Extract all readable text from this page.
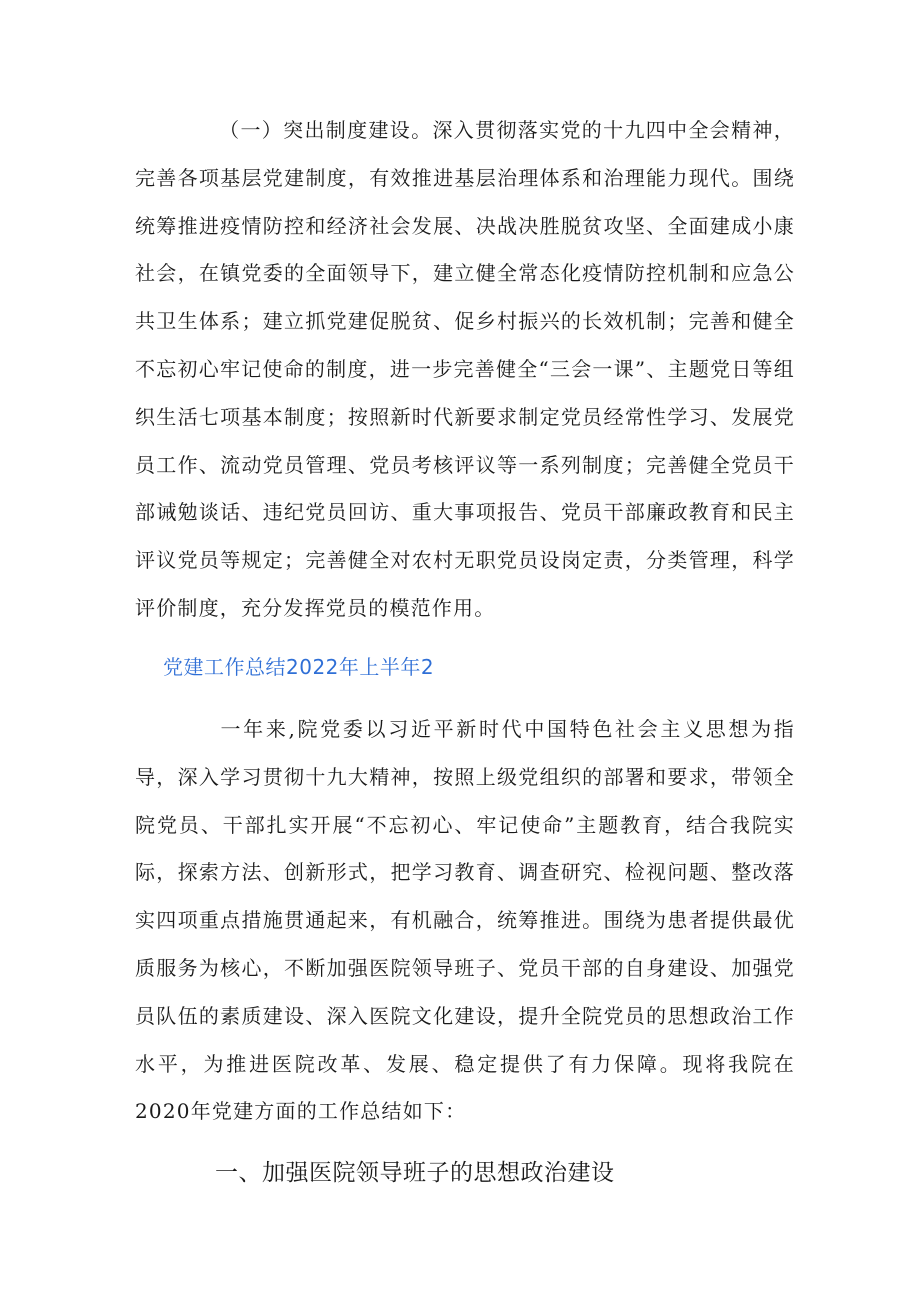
（一）突出制度建设。深入贯彻落实党的十九四中全会精神，完善各项基层党建制度，有效推进基层治理体系和治理能力现代。围绕统筹推进疫情防控和经济社会发展、决战决胜脱贫攻坚、全面建成小康社会，在镇党委的全面领导下，建立健全常态化疫情防控机制和应急公共卫生体系；建立抓党建促脱贫、促乡村振兴的长效机制；完善和健全不忘初心牢记使命的制度，进一步完善健全“三会一课”、主题党日等组织生活七项基本制度；按照新时代新要求制定党员经常性学习、发展党员工作、流动党员管理、党员考核评议等一系列制度；完善健全党员干部诫勉谈话、违纪党员回访、重大事项报告、党员干部廉政教育和民主评议党员等规定；完善健全对农村无职党员设岗定责，分类管理，科学评价制度，充分发挥党员的模范作用。

党建工作总结2022年上半年2

一年来,院党委以习近平新时代中国特色社会主义思想为指导，深入学习贯彻十九大精神，按照上级党组织的部署和要求，带领全院党员、干部扎实开展“不忘初心、牢记使命”主题教育，结合我院实际，探索方法、创新形式，把学习教育、调查研究、检视问题、整改落实四项重点措施贯通起来，有机融合，统筹推进。围绕为患者提供最优质服务为核心，不断加强医院领导班子、党员干部的自身建设、加强党员队伍的素质建设、深入医院文化建设，提升全院党员的思想政治工作水平，为推进医院改革、发展、稳定提供了有力保障。现将我院在2020年党建方面的工作总结如下：

一、加强医院领导班子的思想政治建设
